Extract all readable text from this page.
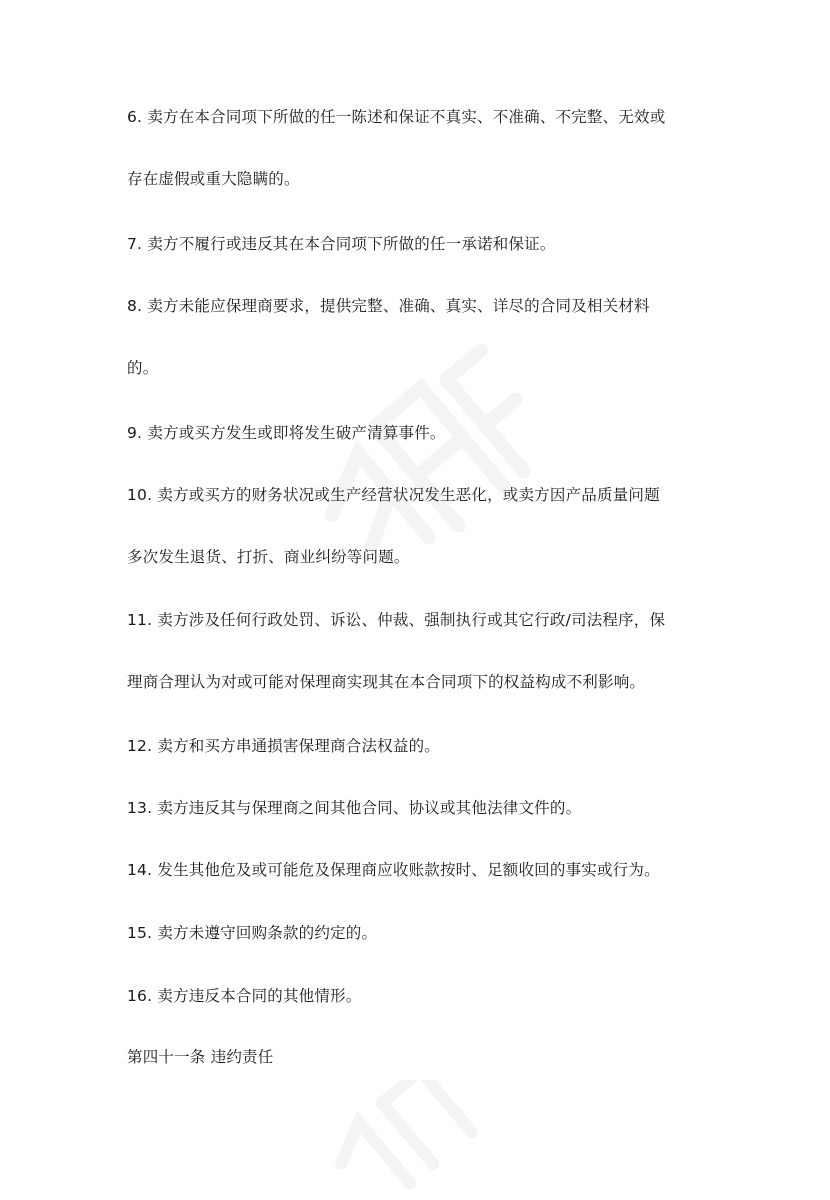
6. 卖方在本合同项下所做的任一陈述和保证不真实、不准确、不完整、无效或
存在虚假或重大隐瞒的。
7. 卖方不履行或违反其在本合同项下所做的任一承诺和保证。
8. 卖方未能应保理商要求，提供完整、准确、真实、详尽的合同及相关材料
的。
9. 卖方或买方发生或即将发生破产清算事件。
10. 卖方或买方的财务状况或生产经营状况发生恶化，或卖方因产品质量问题
多次发生退货、打折、商业纠纷等问题。
11. 卖方涉及任何行政处罚、诉讼、仲裁、强制执行或其它行政/司法程序，保
理商合理认为对或可能对保理商实现其在本合同项下的权益构成不利影响。
12. 卖方和买方串通损害保理商合法权益的。
13. 卖方违反其与保理商之间其他合同、协议或其他法律文件的。
14. 发生其他危及或可能危及保理商应收账款按时、足额收回的事实或行为。
15. 卖方未遵守回购条款的约定的。
16. 卖方违反本合同的其他情形。
第四十一条 违约责任
